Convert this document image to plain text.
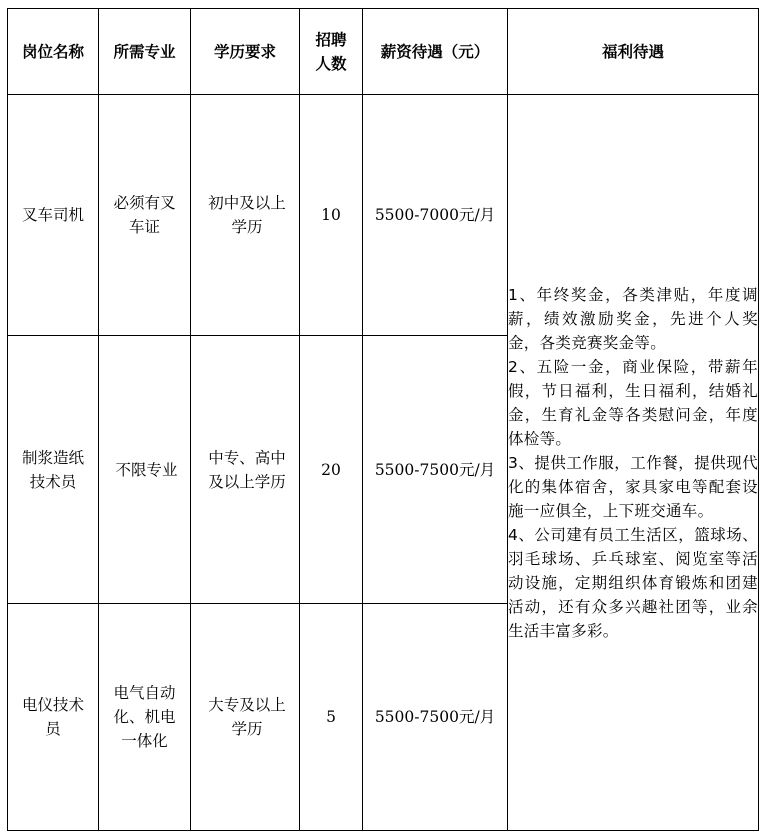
岗位名称	所需专业	学历要求	招聘人数	薪资待遇（元）	福利待遇
叉车司机	必须有叉车证	初中及以上学历	10	5500-7000元/月	1、年终奖金，各类津贴，年度调薪，绩效激励奖金，先进个人奖金，各类竞赛奖金等。
2、五险一金，商业保险，带薪年假，节日福利，生日福利，结婚礼金，生育礼金等各类慰问金，年度体检等。
3、提供工作服，工作餐，提供现代化的集体宿舍，家具家电等配套设施一应俱全，上下班交通车。
4、公司建有员工生活区，篮球场、羽毛球场、乒乓球室、阅览室等活动设施，定期组织体育锻炼和团建活动，还有众多兴趣社团等，业余生活丰富多彩。

制浆造纸技术员	不限专业	中专、高中及以上学历	20	5500-7500元/月	
电仪技术员	电气自动化、机电一体化	大专及以上学历	5	5500-7500元/月	
